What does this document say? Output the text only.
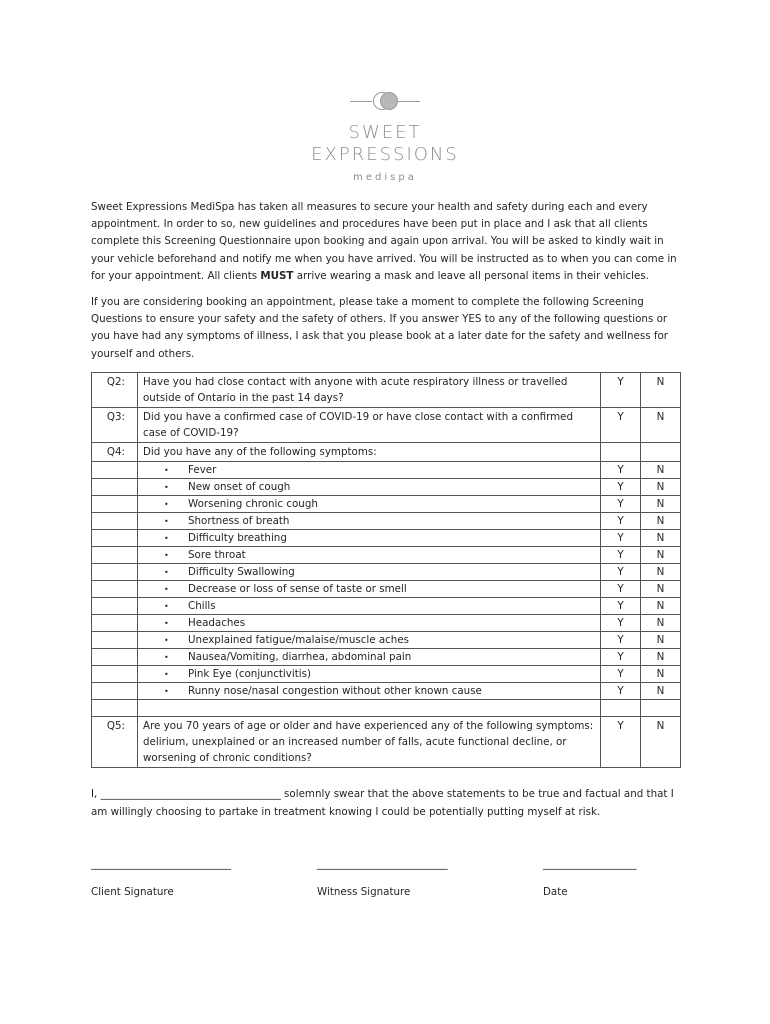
SWEET
EXPRESSIONS
medispa
Sweet Expressions MediSpa has taken all measures to secure your health and safety during each and every appointment. In order to so, new guidelines and procedures have been put in place and I ask that all clients complete this Screening Questionnaire upon booking and again upon arrival. You will be asked to kindly wait in your vehicle beforehand and notify me when you have arrived. You will be instructed as to when you can come in for your appointment. All clients MUST arrive wearing a mask and leave all personal items in their vehicles.
If you are considering booking an appointment, please take a moment to complete the following Screening Questions to ensure your safety and the safety of others. If you answer YES to any of the following questions or you have had any symptoms of illness, I ask that you please book at a later date for the safety and wellness for yourself and others.
Q2:	Have you had close contact with anyone with acute respiratory illness or travelled outside of Ontario in the past 14 days?	Y	N
Q3:	Did you have a confirmed case of COVID-19 or have close contact with a confirmed case of COVID-19?	Y	N
Q4:	Did you have any of the following symptoms:		
	• Fever	Y	N
	• New onset of cough	Y	N
	• Worsening chronic cough	Y	N
	• Shortness of breath	Y	N
	• Difficulty breathing	Y	N
	• Sore throat	Y	N
	• Difficulty Swallowing	Y	N
	• Decrease or loss of sense of taste or smell	Y	N
	• Chills	Y	N
	• Headaches	Y	N
	• Unexplained fatigue/malaise/muscle aches	Y	N
	• Nausea/Vomiting, diarrhea, abdominal pain	Y	N
	• Pink Eye (conjunctivitis)	Y	N
	• Runny nose/nasal congestion without other known cause	Y	N

Q5:	Are you 70 years of age or older and have experienced any of the following symptoms: delirium, unexplained or an increased number of falls, acute functional decline, or worsening of chronic conditions?	Y	N
I, ___________________________________ solemnly swear that the above statements to be true and factual and that I am willingly choosing to partake in treatment knowing I could be potentially putting myself at risk.
______________________________	____________________________	____________________
Client Signature	Witness Signature	Date
